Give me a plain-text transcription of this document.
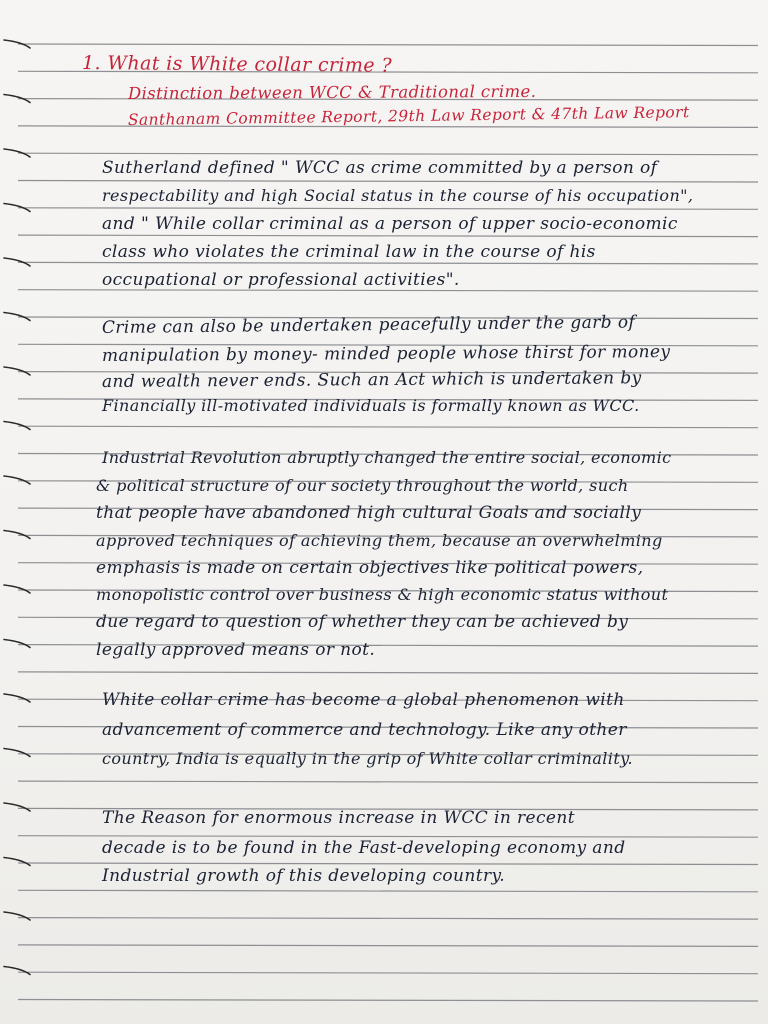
1. What is White collar crime ?
Distinction between WCC & Traditional crime.
Santhanam Committee Report, 29th Law Report & 47th Law Report
Sutherland defined " WCC as crime committed by a person of
respectability and high Social status in the course of his occupation",
and " While collar criminal as a person of upper socio-economic
class who violates the criminal law in the course of his
occupational or professional activities".
Crime can also be undertaken peacefully under the garb of
manipulation by money- minded people whose thirst for money
and wealth never ends. Such an Act which is undertaken by
Financially ill-motivated individuals is formally known as WCC.
Industrial Revolution abruptly changed the entire social, economic
& political structure of our society throughout the world, such
that people have abandoned high cultural Goals and socially
approved techniques of achieving them, because an overwhelming
emphasis is made on certain objectives like political powers,
monopolistic control over business & high economic status without
due regard to question of whether they can be achieved by
legally approved means or not.
White collar crime has become a global phenomenon with
advancement of commerce and technology. Like any other
country, India is equally in the grip of White collar criminality.
The Reason for enormous increase in WCC in recent
decade is to be found in the Fast-developing economy and
Industrial growth of this developing country.
